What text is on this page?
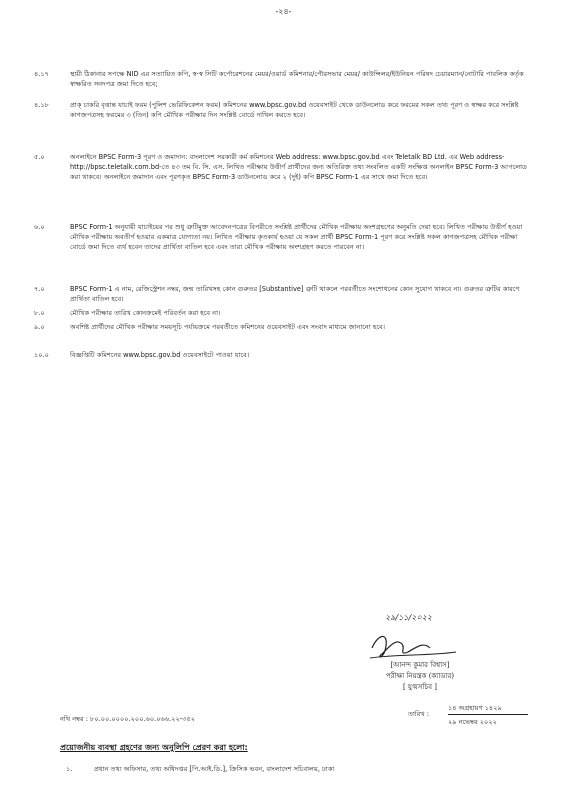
-২৪-
৪.১৭	স্থায়ী ঠিকানার সপক্ষে NID এর সত্যায়িত কপি, স্ব-স্ব সিটি কর্পোরেশনের মেয়র/ওয়ার্ড কমিশনার/পৌরসভার মেয়র/ কাউন্সিলর/ইউনিয়ন পরিষদ চেয়ারম্যান/নোটারি পাবলিক কর্তৃক স্বাক্ষরিত সনদপত্র জমা দিতে হবে;
৪.১৮	প্রাক্ চাকরি বৃত্তান্ত যাচাই ফরম (পুলিশ ভেরিফিকেশন ফরম) কমিশনের www.bpsc.gov.bd ওয়েবসাইট থেকে ডাউনলোড করে ফরমের সকল তথ্য পূরণ ও স্বাক্ষর করে সংশ্লিষ্ট কাগজপত্রসহ ফরমের ৩ (তিন) কপি মৌখিক পরীক্ষার দিন সংশ্লিষ্ট বোর্ডে দাখিল করতে হবে।
৫.০	অনলাইনে BPSC Form-3 পূরণ ও জমাদান: বাংলাদেশ সরকারী কর্ম কমিশনের Web address: www.bpsc.gov.bd এবং Teletalk BD Ltd. এর Web address- http://bpsc.teletalk.com.bd-তে ৪৩ তম বি. সি. এস. লিখিত পরীক্ষায় উত্তীর্ণ প্রার্থীদের জন্য অতিরিক্ত তথ্য সংবলিত একটি সংক্ষিপ্ত অনলাইন BPSC Form-3 আপলোড করা থাকবে। অনলাইনে জমাদান এবং পূরণকৃত BPSC Form-3 ডাউনলোড করে ২ (দুই) কপি BPSC Form-1 এর সাথে জমা দিতে হবে।
৬.০	BPSC Form-1 অনুযায়ী যাচাইয়ের পর শুধু ত্রুটিমুক্ত আবেদনপত্রের বিপরীতে সংশ্লিষ্ট প্রার্থীদের মৌখিক পরীক্ষায় অংশগ্রহণের অনুমতি দেয়া হবে। লিখিত পরীক্ষায় উত্তীর্ণ হওয়া মৌখিক পরীক্ষায় অবতীর্ণ হওয়ার একমাত্র যোগ্যতা নয়। লিখিত পরীক্ষায় কৃতকার্য হওয়া যে সকল প্রার্থী BPSC Form-1 পূরণ করে সংশ্লিষ্ট সকল কাগজপত্রসহ মৌখিক পরীক্ষা বোর্ডে জমা দিতে ব্যর্থ হবেন তাদের প্রার্থিতা বাতিল হবে এবং তারা মৌখিক পরীক্ষায় অংশগ্রহণ করতে পারবেন না।
৭.০	BPSC Form-1 এ নাম, রেজিস্ট্রেশন নম্বর, জন্ম তারিখসহ কোন গুরুতর [Substantive] ত্রুটি থাকলে পরবর্তীতে সংশোধনের কোন সুযোগ থাকবে না। গুরুতর ত্রুটির কারণে প্রার্থিতা বাতিল হবে।
৮.০	মৌখিক পরীক্ষার তারিখ কোনক্রমেই পরিবর্তন করা হবে না।
৯.০	অবশিষ্ট প্রার্থীদের মৌখিক পরীক্ষার সময়সূচি পর্যায়ক্রমে পরবর্তীতে কমিশনের ওয়েবসাইট এবং সংবাদ মাধ্যমে জানানো হবে।
১০.০	বিজ্ঞপ্তিটি কমিশনের www.bpsc.gov.bd ওয়েবসাইটে পাওয়া যাবে।
২৯/১১/২০২২
[আনন্দ কুমার বিশ্বাস]
পরীক্ষা নিয়ন্ত্রক (ক্যাডার)
[ যুগ্মসচিব ]
নথি নম্বর : ৮০.০০.০০০০.২০০.৬০.০৬৬.২২-৩৫২
তারিখ :
১৪ অগ্রহায়ণ ১৪২৯
২৯ নভেম্বর ২০২২
প্রয়োজনীয় ব্যবস্থা গ্রহণের জন্য অনুলিপি প্রেরণ করা হলো:
১.	প্রধান তথ্য অফিসার, তথ্য অধিদপ্তর [পি.আই.ডি.], ক্রিসিক ভবন, বাংলাদেশ সচিবালয়, ঢাকা
